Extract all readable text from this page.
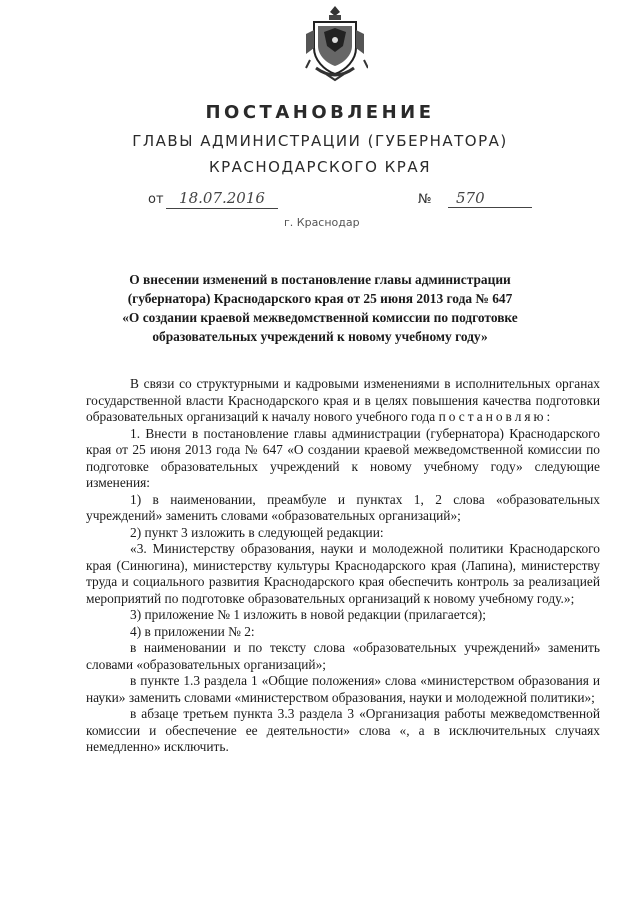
ПОСТАНОВЛЕНИЕ
ГЛАВЫ АДМИНИСТРАЦИИ (ГУБЕРНАТОРА)
КРАСНОДАРСКОГО КРАЯ
от	18.07.2016	№	570
г. Краснодар
О внесении изменений в постановление главы администрации
(губернатора) Краснодарского края от 25 июня 2013 года № 647
«О создании краевой межведомственной комиссии по подготовке
образовательных учреждений к новому учебному году»

В связи со структурными и кадровыми изменениями в исполнительных органах государственной власти Краснодарского края и в целях повышения качества подготовки образовательных организаций к началу нового учебного года постановляю:

1. Внести в постановление главы администрации (губернатора) Краснодарского края от 25 июня 2013 года № 647 «О создании краевой межведомственной комиссии по подготовке образовательных учреждений к новому учебному году» следующие изменения:

1) в наименовании, преамбуле и пунктах 1, 2 слова «образовательных учреждений» заменить словами «образовательных организаций»;

2) пункт 3 изложить в следующей редакции:

«3. Министерству образования, науки и молодежной политики Краснодарского края (Синюгина), министерству культуры Краснодарского края (Лапина), министерству труда и социального развития Краснодарского края обеспечить контроль за реализацией мероприятий по подготовке образовательных организаций к новому учебному году.»;

3) приложение № 1 изложить в новой редакции (прилагается);

4) в приложении № 2:

в наименовании и по тексту слова «образовательных учреждений» заменить словами «образовательных организаций»;

в пункте 1.3 раздела 1 «Общие положения» слова «министерством образования и науки» заменить словами «министерством образования, науки и молодежной политики»;

в абзаце третьем пункта 3.3 раздела 3 «Организация работы межведомственной комиссии и обеспечение ее деятельности» слова «, а в исключительных случаях немедленно» исключить.
